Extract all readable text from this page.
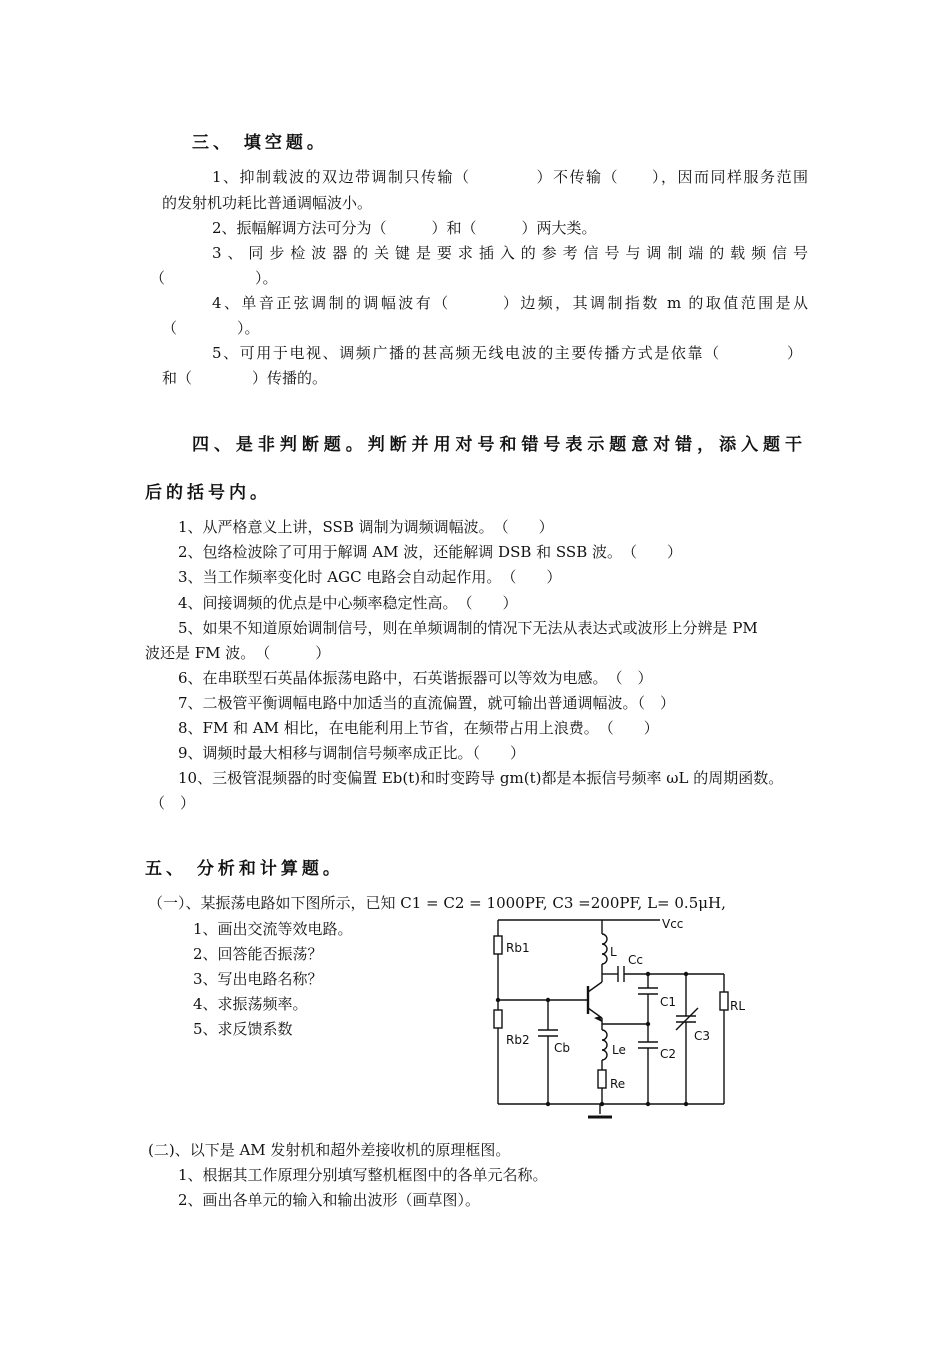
三、 填空题。
1、抑制载波的双边带调制只传输（　　　　）不传输（　　），因而同样服务范围
的发射机功耗比普通调幅波小。
2、振幅解调方法可分为（　　　）和（　　　）两大类。
3、同步检波器的关键是要求插入的参考信号与调制端的载频信号
（　　　　　　）。
4、单音正弦调制的调幅波有（　　　）边频，其调制指数 m 的取值范围是从
（　　　　）。
5、可用于电视、调频广播的甚高频无线电波的主要传播方式是依靠（　　　　）
和（　　　　）传播的。
四、是非判断题。判断并用对号和错号表示题意对错，添入题干
后的括号内。
1、从严格意义上讲，SSB 调制为调频调幅波。　（　　）
2、包络检波除了可用于解调 AM 波，还能解调 DSB 和 SSB 波。　（　　）
3、当工作频率变化时 AGC 电路会自动起作用。　（　　）
4、间接调频的优点是中心频率稳定性高。　（　　）
5、如果不知道原始调制信号，则在单频调制的情况下无法从表达式或波形上分辨是 PM
波还是 FM 波。　（　　　）
6、在串联型石英晶体振荡电路中，石英谐振器可以等效为电感。　（　）
7、二极管平衡调幅电路中加适当的直流偏置，就可输出普通调幅波。（　）
8、FM 和 AM 相比，在电能利用上节省，在频带占用上浪费。　（　　）
9、调频时最大相移与调制信号频率成正比。（　　）
10、三极管混频器的时变偏置 Eb(t)和时变跨导 gm(t)都是本振信号频率 ωL 的周期函数。
（　）
五、 分析和计算题。
（一）、某振荡电路如下图所示，已知 C1 = C2 = 1000PF, C3 =200PF, L= 0.5μH,
1、画出交流等效电路。
2、回答能否振荡？
3、写出电路名称？
4、求振荡频率。
5、求反馈系数
Vcc
Rb1
Rb2
Cb
L
Cc
C1
C2
C3
Le
Re
RL
(二)、以下是 AM 发射机和超外差接收机的原理框图。
1、根据其工作原理分别填写整机框图中的各单元名称。
2、画出各单元的输入和输出波形（画草图）。
